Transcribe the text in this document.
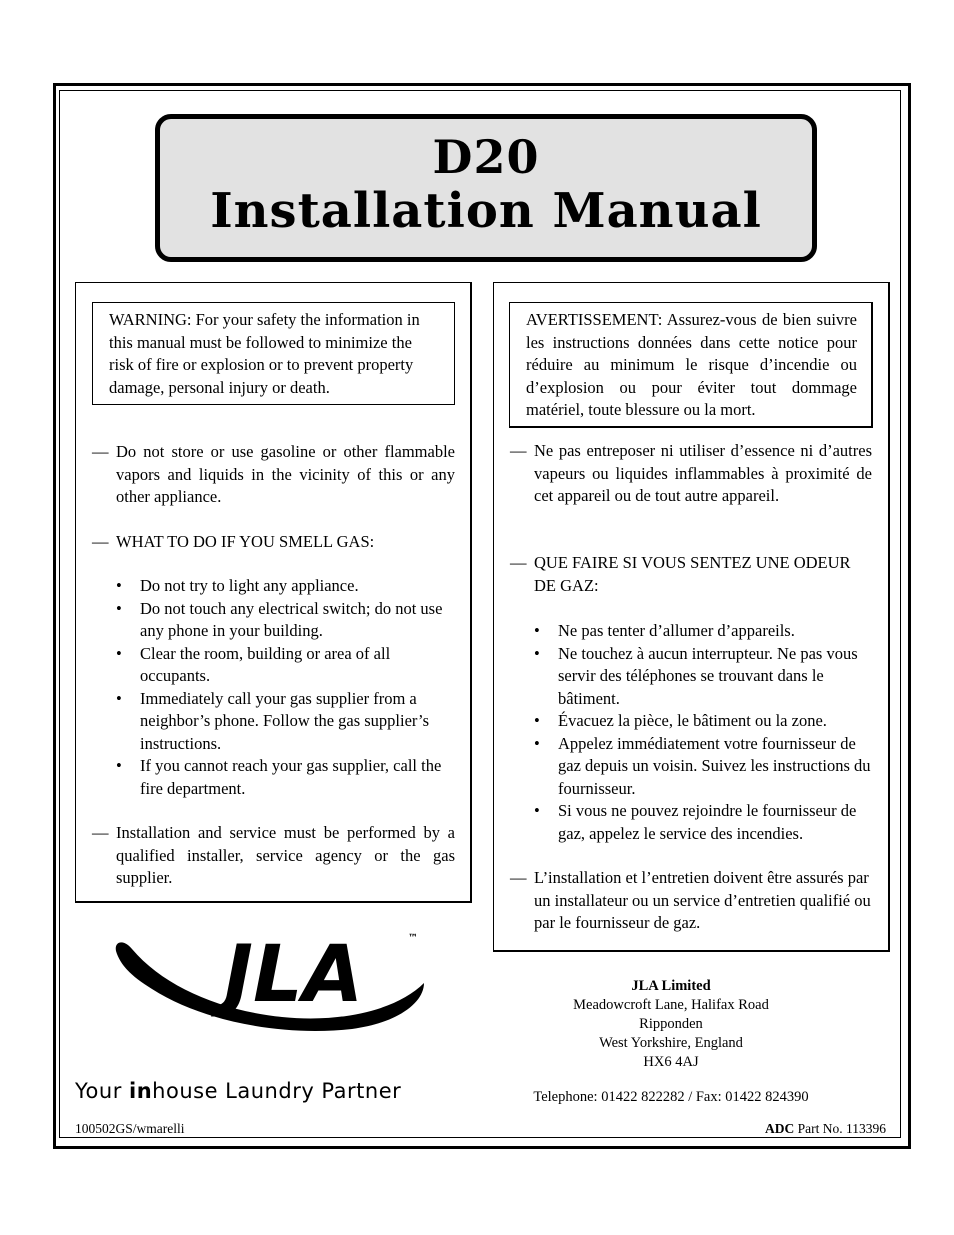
D20
Installation Manual
WARNING: For your safety the information in this manual must be followed to minimize the risk of fire or explosion or to prevent property damage, personal injury or death.
— Do not store or use gasoline or other flammable vapors and liquids in the vicinity of this or any other appliance.
— WHAT TO DO IF YOU SMELL GAS:
• Do not try to light any appliance.
• Do not touch any electrical switch; do not use any phone in your building.
• Clear the room, building or area of all occupants.
• Immediately call your gas supplier from a neighbor’s phone. Follow the gas supplier’s instructions.
• If you cannot reach your gas supplier, call the fire department.
— Installation and service must be performed by a qualified installer, service agency or the gas supplier.
AVERTISSEMENT: Assurez-vous de bien suivre les instructions données dans cette notice pour réduire au minimum le risque d’incendie ou d’explosion ou pour éviter tout dommage matériel, toute blessure ou la mort.
— Ne pas entreposer ni utiliser d’essence ni d’autres vapeurs ou liquides inflammables à proximité de cet appareil ou de tout autre appareil.
— QUE FAIRE SI VOUS SENTEZ UNE ODEUR DE GAZ:
• Ne pas tenter d’allumer d’appareils.
• Ne touchez à aucun interrupteur. Ne pas vous servir des téléphones se trouvant dans le bâtiment.
• Évacuez la pièce, le bâtiment ou la zone.
• Appelez immédiatement votre fournisseur de gaz depuis un voisin. Suivez les instructions du fournisseur.
• Si vous ne pouvez rejoindre le fournisseur de gaz, appelez le service des incendies.
— L’installation et l’entretien doivent être assurés par un installateur ou un service d’entretien qualifié ou par le fournisseur de gaz.
JLA	™
Your inhouse Laundry Partner
JLA Limited
Meadowcroft Lane, Halifax Road
Ripponden
West Yorkshire, England
HX6 4AJ
Telephone: 01422 822282 / Fax: 01422 824390
100502GS/wmarelli	ADC Part No. 113396
